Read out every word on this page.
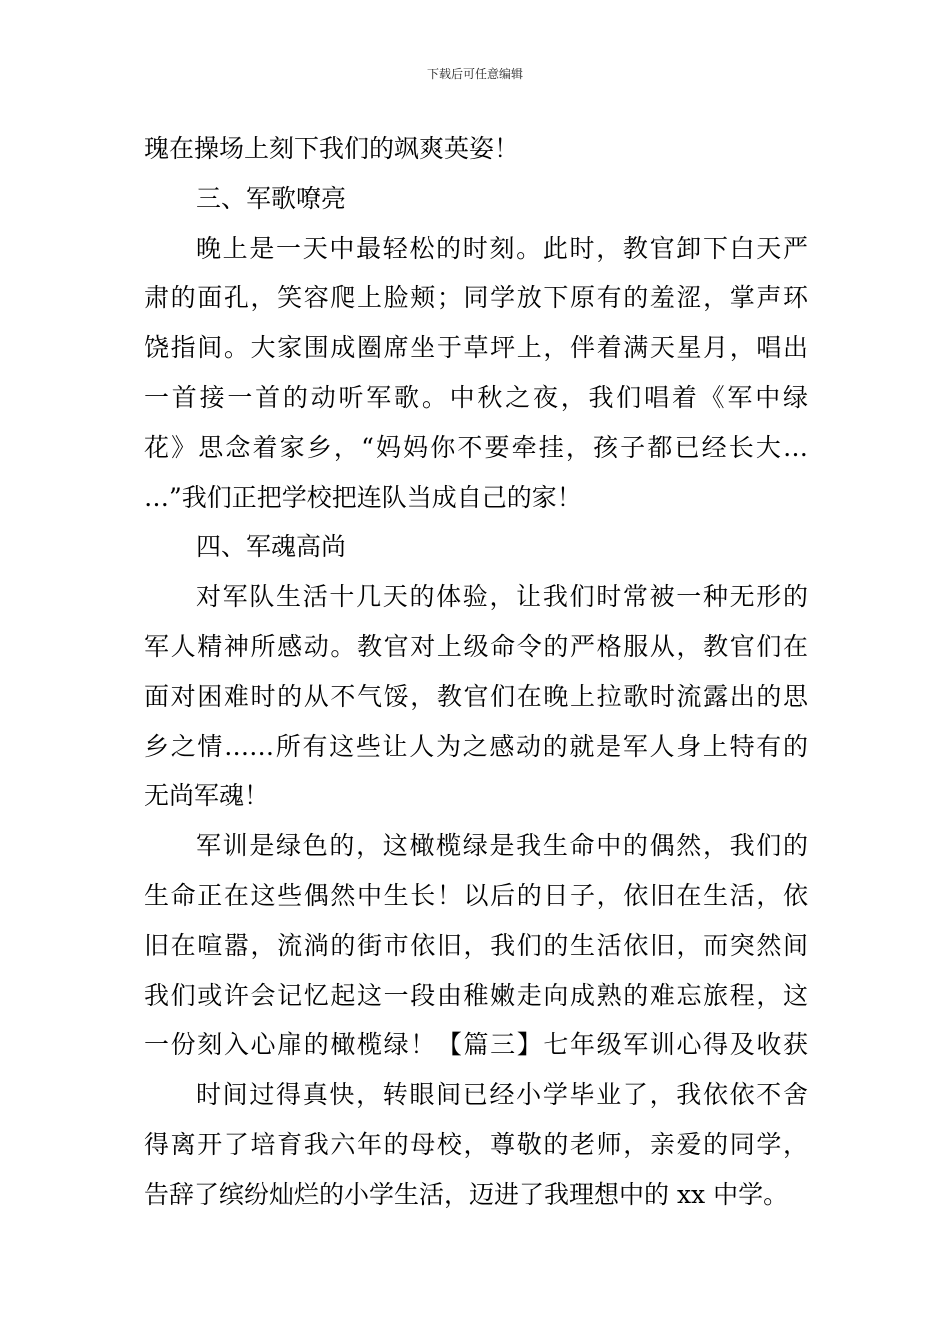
下载后可任意编辑
瑰在操场上刻下我们的飒爽英姿！
三、军歌嘹亮
晚上是一天中最轻松的时刻。此时，教官卸下白天严
肃的面孔，笑容爬上脸颊；同学放下原有的羞涩，掌声环
饶指间。大家围成圈席坐于草坪上，伴着满天星月，唱出
一首接一首的动听军歌。中秋之夜，我们唱着《军中绿
花》思念着家乡，“妈妈你不要牵挂，孩子都已经长大…
…”我们正把学校把连队当成自己的家！
四、军魂高尚
对军队生活十几天的体验，让我们时常被一种无形的
军人精神所感动。教官对上级命令的严格服从，教官们在
面对困难时的从不气馁，教官们在晚上拉歌时流露出的思
乡之情……所有这些让人为之感动的就是军人身上特有的
无尚军魂！
军训是绿色的，这橄榄绿是我生命中的偶然，我们的
生命正在这些偶然中生长！以后的日子，依旧在生活，依
旧在喧嚣，流淌的街市依旧，我们的生活依旧，而突然间
我们或许会记忆起这一段由稚嫩走向成熟的难忘旅程，这
一份刻入心扉的橄榄绿！【篇三】七年级军训心得及收获
时间过得真快，转眼间已经小学毕业了，我依依不舍
得离开了培育我六年的母校，尊敬的老师，亲爱的同学，
告辞了缤纷灿烂的小学生活，迈进了我理想中的 xx 中学。
